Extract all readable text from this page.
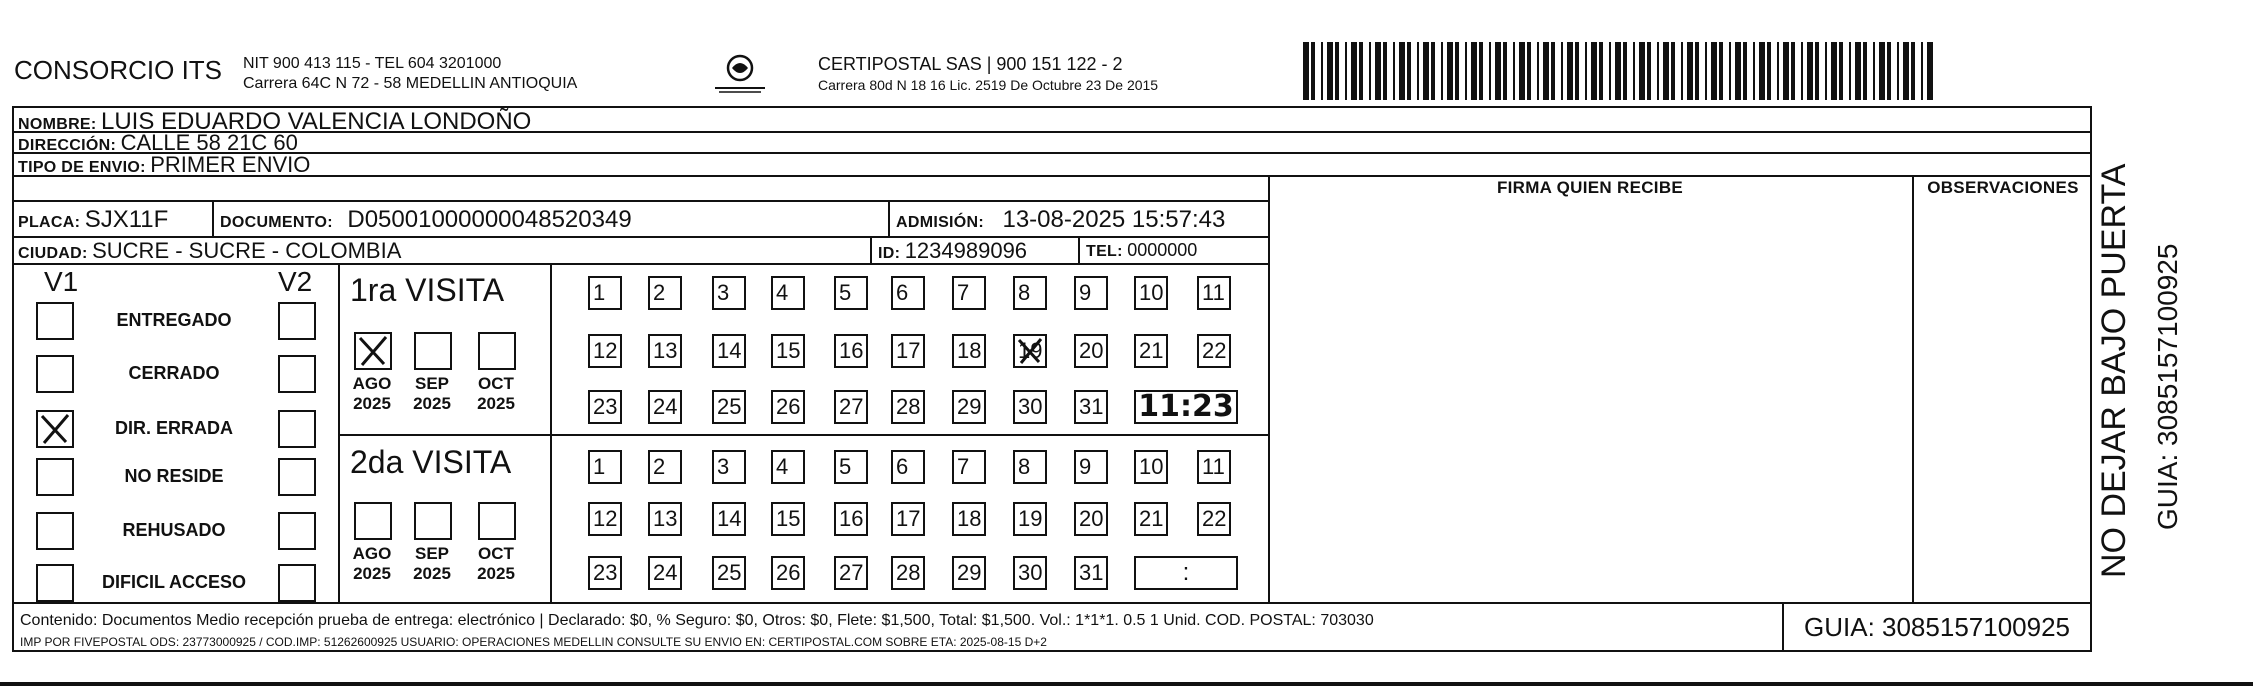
CONSORCIO ITS NIT 900 413 115 - TEL 604 3201000
Carrera 64C N 72 - 58 MEDELLIN ANTIOQUIA
CERTIPOSTAL SAS | 900 151 122 - 2
Carrera 80d N 18 16 Lic. 2519 De Octubre 23 De 2015
NOMBRE: LUIS EDUARDO VALENCIA LONDOÑO
DIRECCIÓN: CALLE 58 21C 60
TIPO DE ENVIO: PRIMER ENVIO
FIRMA QUIEN RECIBE	OBSERVACIONES
PLACA: SJX11F	DOCUMENTO: D05001000000048520349	ADMISIÓN: 13-08-2025 15:57:43
CIUDAD: SUCRE - SUCRE - COLOMBIA	ID: 1234989096	TEL: 0000000
V1	V2
ENTREGADO
CERRADO
DIR. ERRADA
NO RESIDE
REHUSADO
DIFICIL ACCESO
1ra VISITA
2da VISITA
AGO
2025
SEP
2025
OCT
2025
AGO
2025
SEP
2025
OCT
2025
1	2	3	4	5	6	7	8	9	10 11
12 13 14 15 16 17 18 19 20 21 22
23 24 25 26 27 28 29 30 31 11:23
1	2	3	4	5	6	7	8	9	10 11
12 13 14 15 16 17 18 19 20 21 22
23 24 25 26 27 28 29 30 31	:
Contenido: Documentos Medio recepción prueba de entrega: electrónico | Declarado: $0, % Seguro: $0, Otros: $0, Flete: $1,500, Total: $1,500. Vol.: 1*1*1. 0.5 1 Unid. COD. POSTAL: 703030
IMP POR FIVEPOSTAL ODS: 23773000925 / COD.IMP: 51262600925 USUARIO: OPERACIONES MEDELLIN CONSULTE SU ENVIO EN: CERTIPOSTAL.COM SOBRE ETA: 2025-08-15 D+2	GUIA: 3085157100925
NO DEJAR BAJO PUERTA GUIA: 3085157100925
